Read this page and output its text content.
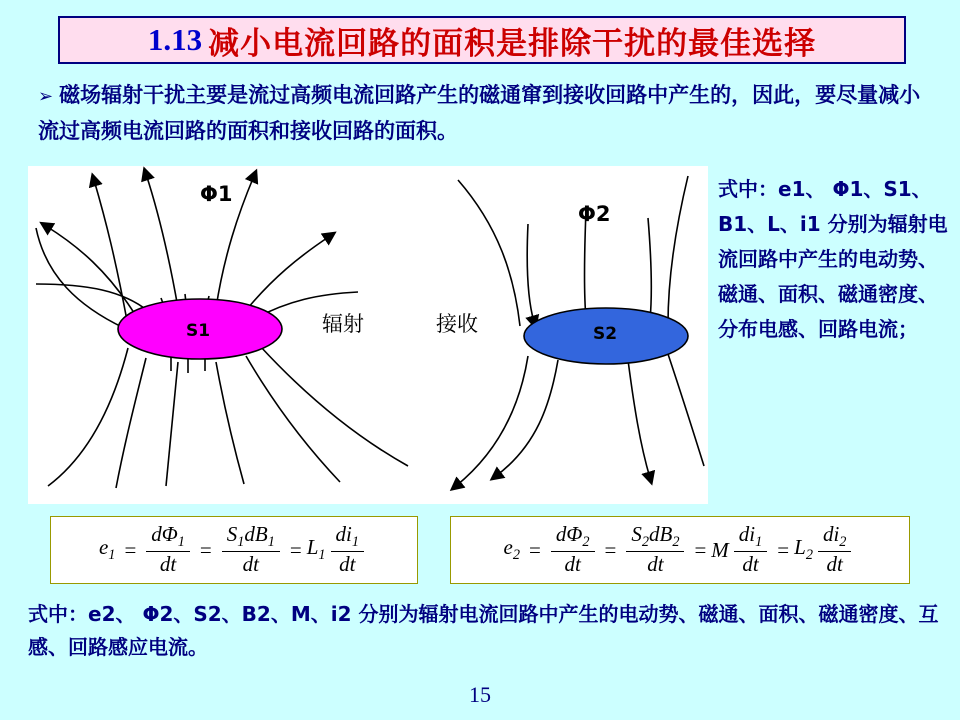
1.13 减小电流回路的面积是排除干扰的最佳选择
➢ 磁场辐射干扰主要是流过高频电流回路产生的磁通窜到接收回路中产生的，因此，要尽量减小流过高频电流回路的面积和接收回路的面积。
Φ1
Φ2
S1	S2
辐射	接收
式中：e1、 Φ1、S1、B1、L、i1 分别为辐射电流回路中产生的电动势、磁通、面积、磁通密度、分布电感、回路电流；
$e_1 = \frac{d\Phi_1}{dt} = \frac{S_1dB_1}{dt} = L_1 \frac{di_1}{dt}$	$e_2 = \frac{d\Phi_2}{dt} = \frac{S_2dB_2}{dt} = M \frac{di_1}{dt} = L_2 \frac{di_2}{dt}$
式中：e2、 Φ2、S2、B2、M、i2 分别为辐射电流回路中产生的电动势、磁通、面积、磁通密度、互感、回路感应电流。
15
